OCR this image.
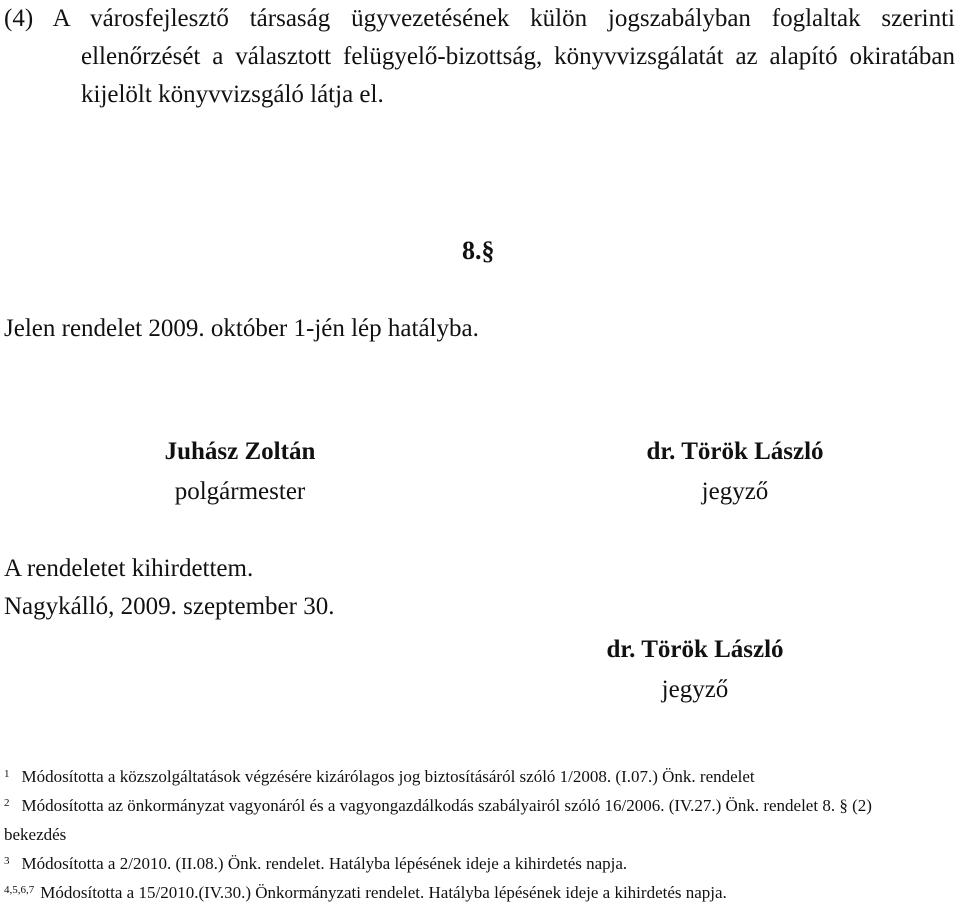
(4) A városfejlesztő társaság ügyvezetésének külön jogszabályban foglaltak szerinti
ellenőrzését a választott felügyelő-bizottság, könyvvizsgálatát az alapító okiratában
kijelölt könyvvizsgáló látja el.
8.§
Jelen rendelet 2009. október 1-jén lép hatályba.
Juhász Zoltán
polgármester
dr. Török László
jegyző
A rendeletet kihirdettem.
Nagykálló, 2009. szeptember 30.
dr. Török László
jegyző
$^1$ Módosította a közszolgáltatások végzésére kizárólagos jog biztosításáról szóló 1/2008. (I.07.) Önk. rendelet
$^2$ Módosította az önkormányzat vagyonáról és a vagyongazdálkodás szabályairól szóló 16/2006. (IV.27.) Önk. rendelet 8. § (2)
bekezdés
$^3$ Módosította a 2/2010. (II.08.) Önk. rendelet. Hatályba lépésének ideje a kihirdetés napja.
$^{4,5,6,7}$ Módosította a 15/2010.(IV.30.) Önkormányzati rendelet. Hatályba lépésének ideje a kihirdetés napja.
